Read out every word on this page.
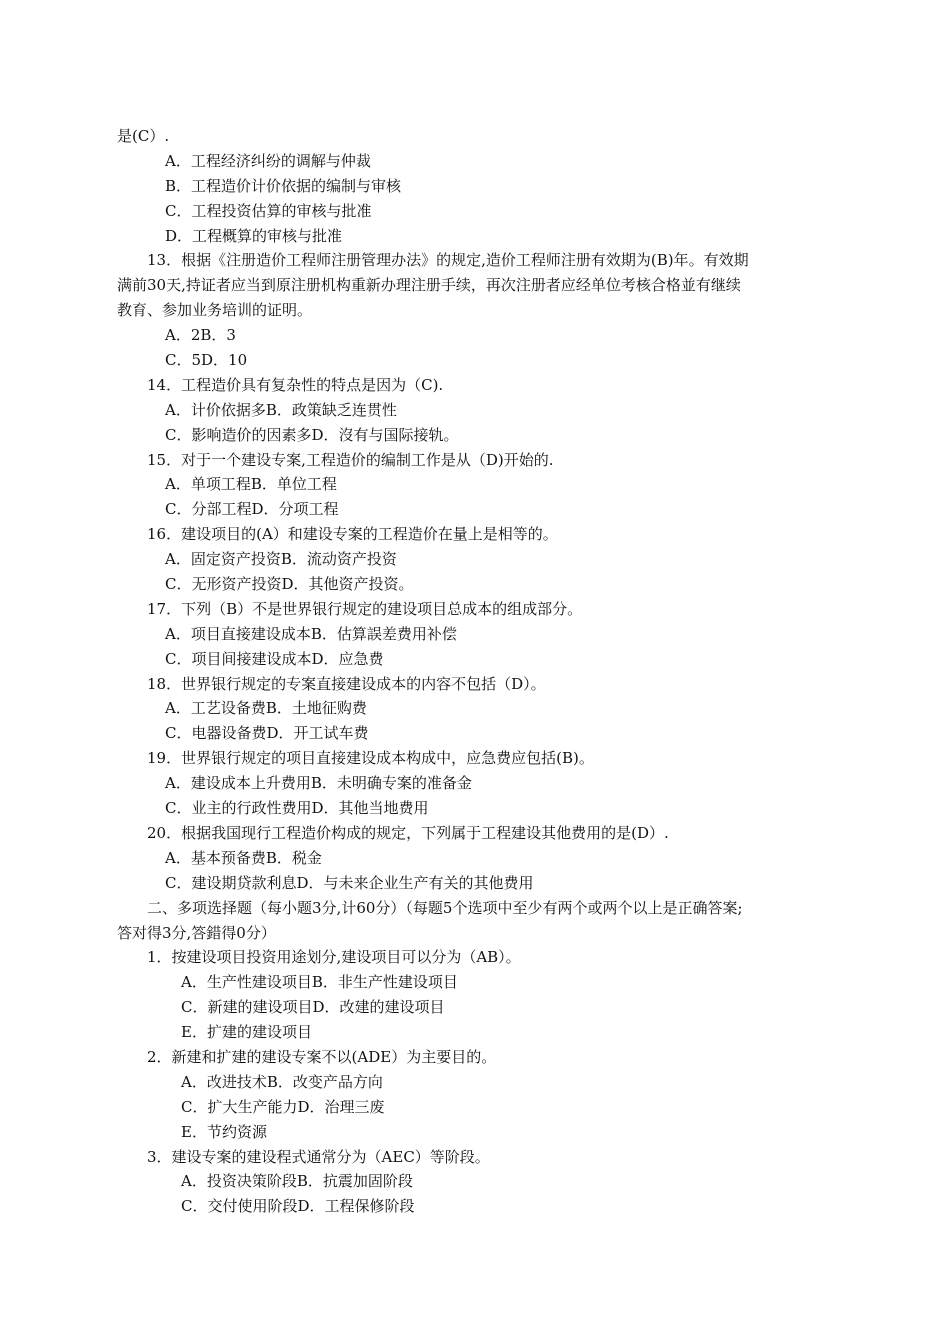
是(C）.
A．工程经济纠纷的调解与仲裁
B．工程造价计价依据的编制与审核
C．工程投资估算的审核与批准
D．工程概算的审核与批准
13．根据《注册造价工程师注册管理办法》的规定,造价工程师注册有效期为(B)年。有效期
满前30天,持证者应当到原注册机构重新办理注册手续，再次注册者应经单位考核合格並有继续
教育、参加业务培训的证明。
A．2B．3
C．5D．10
14．工程造价具有复杂性的特点是因为（C).
A．计价依据多B．政策缺乏连贯性
C．影响造价的因素多D．沒有与国际接轨。
15．对于一个建设专案,工程造价的编制工作是从（D)开始的.
A．单项工程B．单位工程
C．分部工程D．分项工程
16．建设项目的(A）和建设专案的工程造价在量上是相等的。
A．固定资产投资B．流动资产投资
C．无形资产投资D．其他资产投资。
17．下列（B）不是世界银行规定的建设项目总成本的组成部分。
A．项目直接建设成本B．估算誤差费用补偿
C．项目间接建设成本D．应急费
18．世界银行规定的专案直接建设成本的内容不包括（D）。
A．工艺设备费B．土地征购费
C．电器设备费D．开工试车费
19．世界银行规定的项目直接建设成本构成中，应急费应包括(B)。
A．建设成本上升费用B．未明确专案的准备金
C．业主的行政性费用D．其他当地费用
20．根据我国现行工程造价构成的规定，下列属于工程建设其他费用的是(D）.
A．基本预备费B．税金
C．建设期贷款利息D．与未来企业生产有关的其他费用
二、多项选择题（每小题3分,计60分）（每题5个选项中至少有两个或两个以上是正确答案;
答对得3分,答錯得0分）
1．按建设项目投资用途划分,建设项目可以分为（AB）。
A．生产性建设项目B．非生产性建设项目
C．新建的建设项目D．改建的建设项目
E．扩建的建设项目
2．新建和扩建的建设专案不以(ADE）为主要目的。
A．改进技术B．改变产品方向
C．扩大生产能力D．治理三废
E．节约资源
3．建设专案的建设程式通常分为（AEC）等阶段。
A．投资决策阶段B．抗震加固阶段
C．交付使用阶段D．工程保修阶段
